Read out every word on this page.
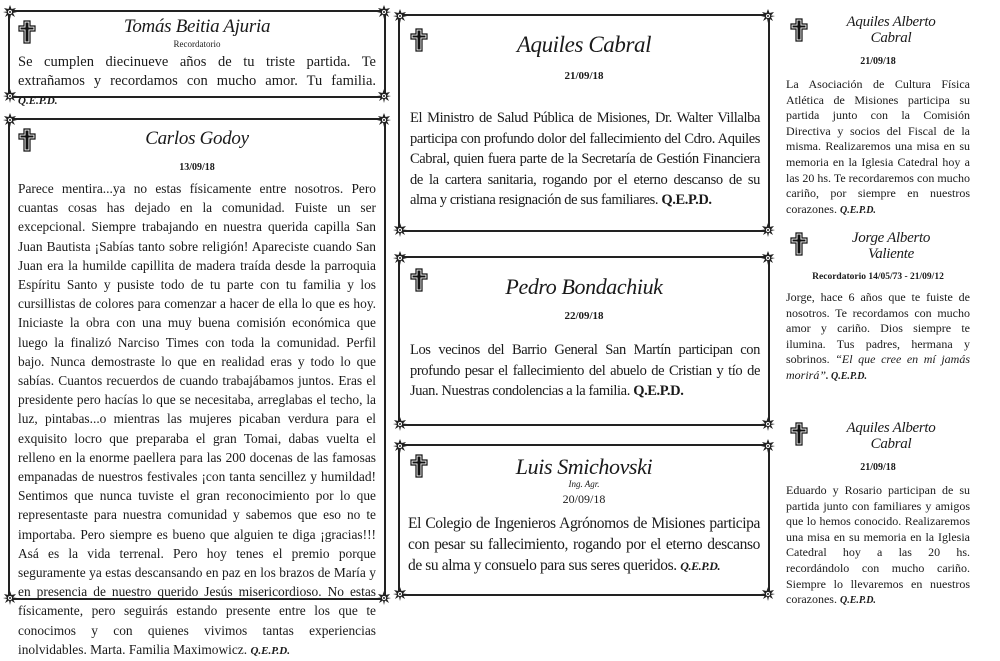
Tomás Beitia Ajuria

Recordatorio

Se cumplen diecinueve años de tu triste partida. Te extrañamos y recordamos con mucho amor. Tu familia. Q.E.P.D.

Carlos Godoy

13/09/18

Parece mentira...ya no estas físicamente entre nosotros. Pero cuantas cosas has dejado en la comunidad. Fuiste un ser excepcional. Siempre trabajando en nuestra querida capilla San Juan Bautista ¡Sabías tanto sobre religión! Apareciste cuando San Juan era la humilde capillita de madera traída desde la parroquia Espíritu Santo y pusiste todo de tu parte con tu familia y los cursillistas de colores para comenzar a hacer de ella lo que es hoy. Iniciaste la obra con una muy buena comisión económica que luego la finalizó Narciso Times con toda la comunidad. Perfil bajo. Nunca demostraste lo que en realidad eras y todo lo que sabías. Cuantos recuerdos de cuando trabajábamos juntos. Eras el presidente pero hacías lo que se necesitaba, arreglabas el techo, la luz, pintabas...o mientras las mujeres picaban verdura para el exquisito locro que preparaba el gran Tomai, dabas vuelta el relleno en la enorme paellera para las 200 docenas de las famosas empanadas de nuestros festivales ¡con tanta sencillez y humildad! Sentimos que nunca tuviste el gran reconocimiento por lo que representaste para nuestra comunidad y sabemos que eso no te importaba. Pero siempre es bueno que alguien te diga ¡gracias!!! Asá es la vida terrenal. Pero hoy tenes el premio porque seguramente ya estas descansando en paz en los brazos de María y en presencia de nuestro querido Jesús misericordioso. No estas físicamente, pero seguirás estando presente entre los que te conocimos y con quienes vivimos tantas experiencias inolvidables. Marta. Familia Maximowicz. Q.E.P.D.

Aquiles Cabral

21/09/18

El Ministro de Salud Pública de Misiones, Dr. Walter Villalba participa con profundo dolor del fallecimiento del Cdro. Aquiles Cabral, quien fuera parte de la Secretaría de Gestión Financiera de la cartera sanitaria, rogando por el eterno descanso de su alma y cristiana resignación de sus familiares. Q.E.P.D.

Pedro Bondachiuk

22/09/18

Los vecinos del Barrio General San Martín participan con profundo pesar el fallecimiento del abuelo de Cristian y tío de Juan. Nuestras condolencias a la familia. Q.E.P.D.

Luis Smichovski

Ing. Agr.

20/09/18

El Colegio de Ingenieros Agrónomos de Misiones participa con pesar su fallecimiento, rogando por el eterno descanso de su alma y consuelo para sus seres queridos. Q.E.P.D.

Aquiles Alberto
Cabral

21/09/18

La Asociación de Cultura Física Atlética de Misiones participa su partida junto con la Comisión Directiva y socios del Fiscal de la misma. Realizaremos una misa en su memoria en la Iglesia Catedral hoy a las 20 hs. Te recordaremos con mucho cariño, por siempre en nuestros corazones. Q.E.P.D.

Jorge Alberto
Valiente

Recordatorio 14/05/73 - 21/09/12

Jorge, hace 6 años que te fuiste de nosotros. Te recordamos con mucho amor y cariño. Dios siempre te ilumina. Tus padres, hermana y sobrinos. “El que cree en mí jamás morirá”. Q.E.P.D.

Aquiles Alberto
Cabral

21/09/18

Eduardo y Rosario participan de su partida junto con familiares y amigos que lo hemos conocido. Realizaremos una misa en su memoria en la Iglesia Catedral hoy a las 20 hs. recordándolo con mucho cariño. Siempre lo llevaremos en nuestros corazones. Q.E.P.D.
